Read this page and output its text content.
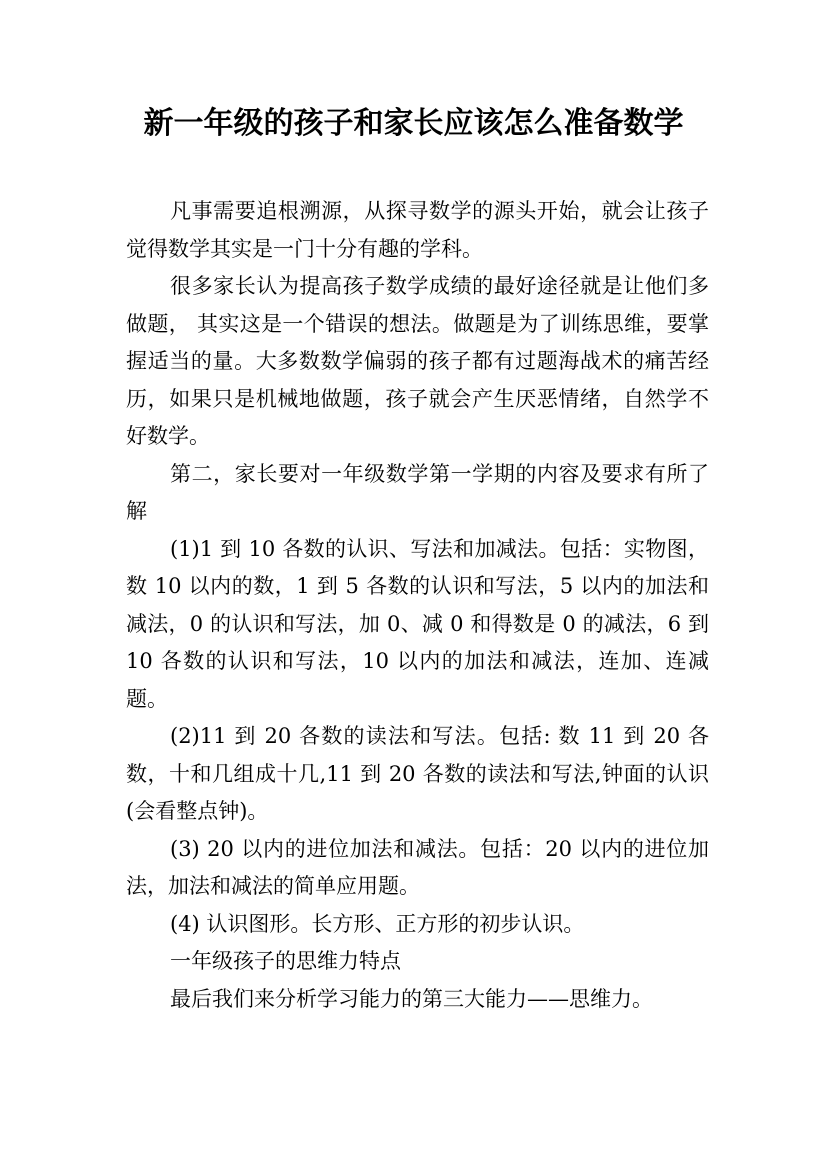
新一年级的孩子和家长应该怎么准备数学

凡事需要追根溯源，从探寻数学的源头开始，就会让孩子觉得数学其实是一门十分有趣的学科。

很多家长认为提高孩子数学成绩的最好途径就是让他们多做题， 其实这是一个错误的想法。做题是为了训练思维，要掌握适当的量。大多数数学偏弱的孩子都有过题海战术的痛苦经历，如果只是机械地做题，孩子就会产生厌恶情绪，自然学不好数学。

第二，家长要对一年级数学第一学期的内容及要求有所了解

(1)1 到 10 各数的认识、写法和加减法。包括：实物图，数 10 以内的数，1 到 5 各数的认识和写法，5 以内的加法和减法，0 的认识和写法，加 0、减 0 和得数是 0 的减法，6 到 10 各数的认识和写法，10 以内的加法和减法，连加、连减题。

(2)11 到 20 各数的读法和写法。包括: 数 11 到 20 各数，十和几组成十几,11 到 20 各数的读法和写法,钟面的认识(会看整点钟)。

(3) 20 以内的进位加法和减法。包括：20 以内的进位加法，加法和减法的简单应用题。

(4) 认识图形。长方形、正方形的初步认识。

一年级孩子的思维力特点

最后我们来分析学习能力的第三大能力——思维力。
